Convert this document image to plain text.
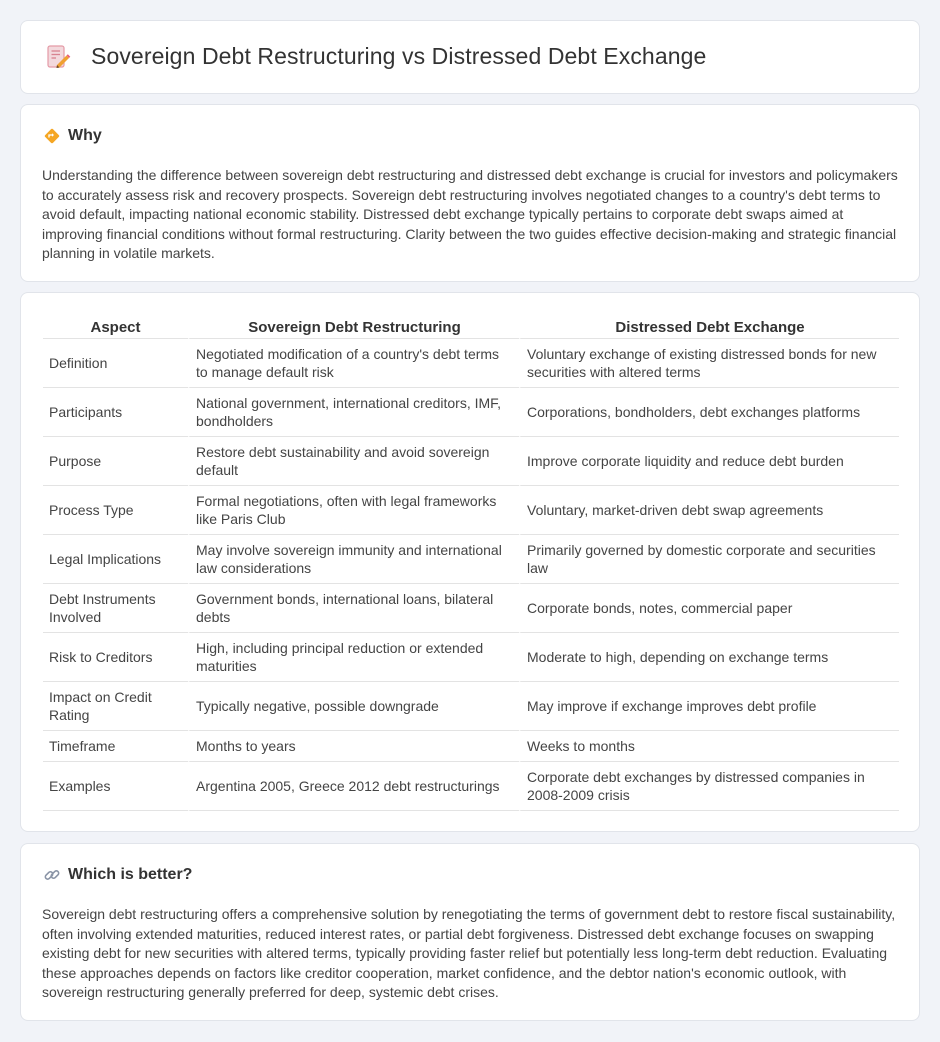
Sovereign Debt Restructuring vs Distressed Debt Exchange
Why

Understanding the difference between sovereign debt restructuring and distressed debt exchange is crucial for investors and policymakers to accurately assess risk and recovery prospects. Sovereign debt restructuring involves negotiated changes to a country's debt terms to avoid default, impacting national economic stability. Distressed debt exchange typically pertains to corporate debt swaps aimed at improving financial conditions without formal restructuring. Clarity between the two guides effective decision-making and strategic financial planning in volatile markets.

Aspect	Sovereign Debt Restructuring	Distressed Debt Exchange
Definition	Negotiated modification of a country's debt terms to manage default risk	Voluntary exchange of existing distressed bonds for new securities with altered terms
Participants	National government, international creditors, IMF, bondholders	Corporations, bondholders, debt exchanges platforms
Purpose	Restore debt sustainability and avoid sovereign default	Improve corporate liquidity and reduce debt burden
Process Type	Formal negotiations, often with legal frameworks like Paris Club	Voluntary, market-driven debt swap agreements
Legal Implications	May involve sovereign immunity and international law considerations	Primarily governed by domestic corporate and securities law
Debt Instruments Involved	Government bonds, international loans, bilateral debts	Corporate bonds, notes, commercial paper
Risk to Creditors	High, including principal reduction or extended maturities	Moderate to high, depending on exchange terms
Impact on Credit Rating	Typically negative, possible downgrade	May improve if exchange improves debt profile
Timeframe	Months to years	Weeks to months
Examples	Argentina 2005, Greece 2012 debt restructurings	Corporate debt exchanges by distressed companies in 2008-2009 crisis
Which is better?

Sovereign debt restructuring offers a comprehensive solution by renegotiating the terms of government debt to restore fiscal sustainability, often involving extended maturities, reduced interest rates, or partial debt forgiveness. Distressed debt exchange focuses on swapping existing debt for new securities with altered terms, typically providing faster relief but potentially less long-term debt reduction. Evaluating these approaches depends on factors like creditor cooperation, market confidence, and the debtor nation's economic outlook, with sovereign restructuring generally preferred for deep, systemic debt crises.
